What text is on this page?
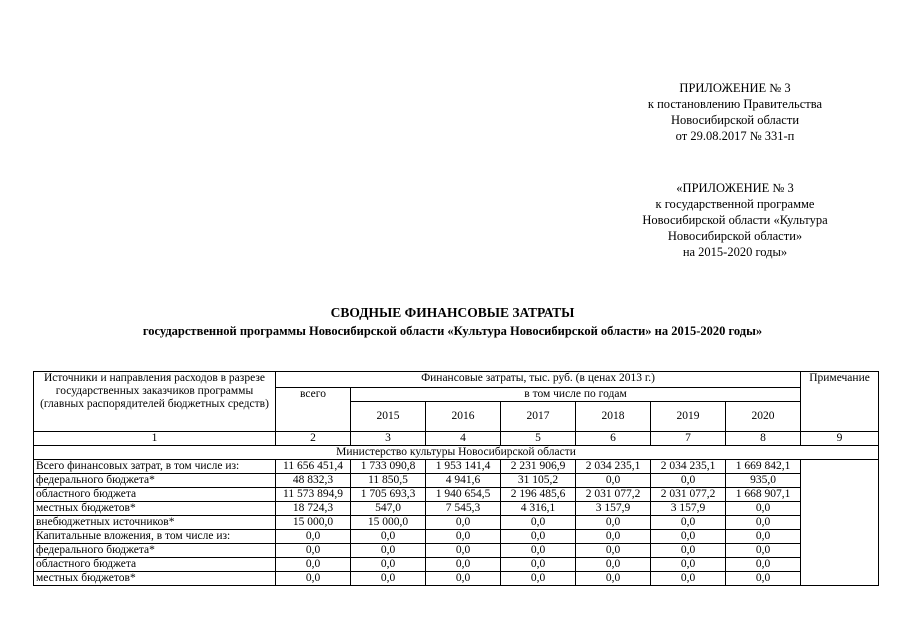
ПРИЛОЖЕНИЕ № 3
к постановлению Правительства
Новосибирской области
от 29.08.2017 № 331-п
«ПРИЛОЖЕНИЕ № 3
к государственной программе
Новосибирской области «Культура
Новосибирской области»
на 2015-2020 годы»
СВОДНЫЕ ФИНАНСОВЫЕ ЗАТРАТЫ
государственной программы Новосибирской области «Культура Новосибирской области» на 2015-2020 годы»
Источники и направления расходов в разрезе государственных заказчиков программы (главных распорядителей бюджетных средств)	Финансовые затраты, тыс. руб. (в ценах 2013 г.)							Примечание
	всего	в том числе по годам						
		2015	2016	2017	2018	2019	2020	
1	2	3	4	5	6	7	8	9
Министерство культуры Новосибирской области								
Всего финансовых затрат, в том числе из:	11 656 451,4	1 733 090,8	1 953 141,4	2 231 906,9	2 034 235,1	2 034 235,1	1 669 842,1	
федерального бюджета*	48 832,3	11 850,5	4 941,6	31 105,2	0,0	0,0	935,0	
областного бюджета	11 573 894,9	1 705 693,3	1 940 654,5	2 196 485,6	2 031 077,2	2 031 077,2	1 668 907,1	
местных бюджетов*	18 724,3	547,0	7 545,3	4 316,1	3 157,9	3 157,9	0,0	
внебюджетных источников*	15 000,0	15 000,0	0,0	0,0	0,0	0,0	0,0	
Капитальные вложения, в том числе из:	0,0	0,0	0,0	0,0	0,0	0,0	0,0	
федерального бюджета*	0,0	0,0	0,0	0,0	0,0	0,0	0,0	
областного бюджета	0,0	0,0	0,0	0,0	0,0	0,0	0,0	
местных бюджетов*	0,0	0,0	0,0	0,0	0,0	0,0	0,0	
